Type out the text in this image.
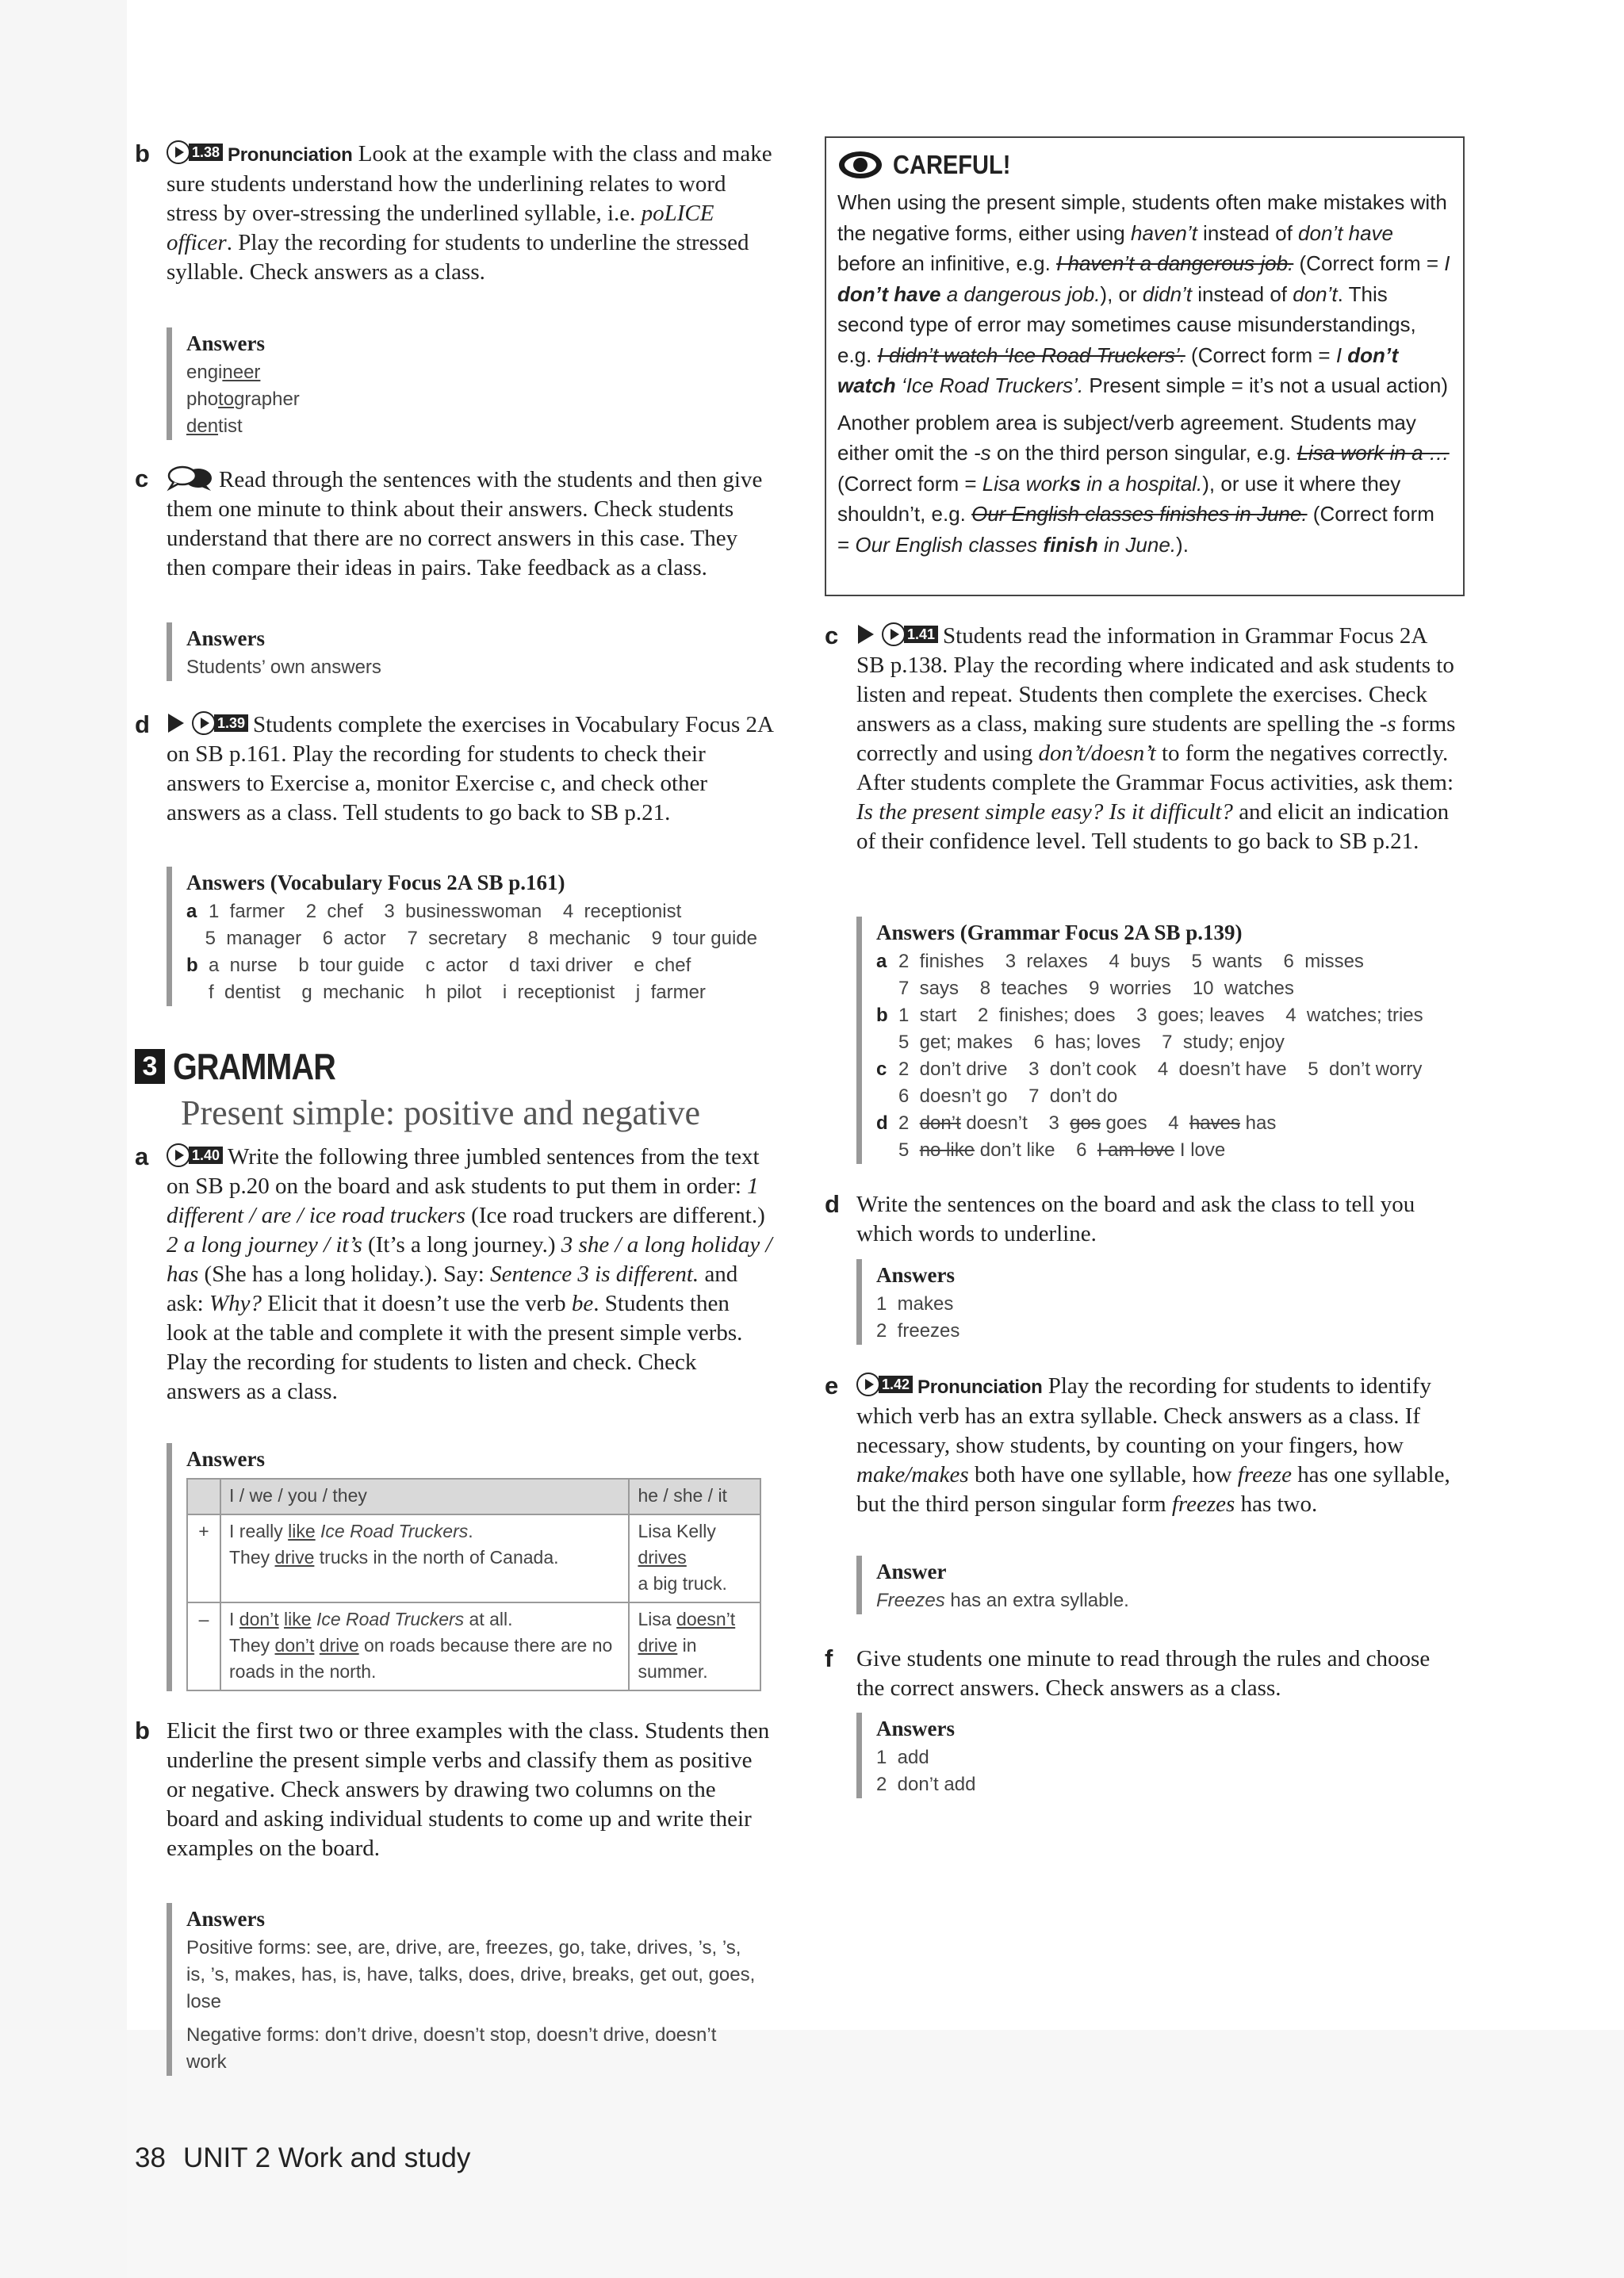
b	1.38 Pronunciation Look at the example with the class and make sure students understand how the underlining relates to word stress by over-stressing the underlined syllable, i.e. poLICE officer. Play the recording for students to underline the stressed syllable. Check answers as a class.
Answers
engineer
photographer
dentist
c	Read through the sentences with the students and then give them one minute to think about their answers. Check students understand that there are no correct answers in this case. They then compare their ideas in pairs. Take feedback as a class.
Answers
Students’ own answers
d	1.39 Students complete the exercises in Vocabulary Focus 2A on SB p.161. Play the recording for students to check their answers to Exercise a, monitor Exercise c, and check other answers as a class. Tell students to go back to SB p.21.
Answers (Vocabulary Focus 2A SB p.161)
a 1  farmer    2  chef    3  businesswoman    4  receptionist
5  manager    6  actor    7  secretary    8  mechanic    9  tour guide
b a  nurse    b  tour guide    c  actor    d  taxi driver    e  chef
f  dentist    g  mechanic    h  pilot    i  receptionist    j  farmer
3 GRAMMAR
Present simple: positive and negative
a	1.40 Write the following three jumbled sentences from the text on SB p.20 on the board and ask students to put them in order: 1 different / are / ice road truckers (Ice road truckers are different.) 2 a long journey / it’s (It’s a long journey.) 3 she / a long holiday / has (She has a long holiday.). Say: Sentence 3 is different. and ask: Why? Elicit that it doesn’t use the verb be. Students then look at the table and complete it with the present simple verbs. Play the recording for students to listen and check. Check answers as a class.
Answers
	I / we / you / they	he / she / it
+	I really like Ice Road Truckers.
They drive trucks in the north of Canada.	Lisa Kelly drives
a big truck.
–	I don’t like Ice Road Truckers at all.
They don’t drive on roads because there are no roads in the north.	Lisa doesn’t
drive in summer.
b Elicit the first two or three examples with the class. Students then underline the present simple verbs and classify them as positive or negative. Check answers by drawing two columns on the board and asking individual students to come up and write their examples on the board.
Answers
Positive forms: see, are, drive, are, freezes, go, take, drives, ’s, ’s, is, ’s, makes, has, is, have, talks, does, drive, breaks, get out, goes, lose
Negative forms: don’t drive, doesn’t stop, doesn’t drive, doesn’t work
CAREFUL!

When using the present simple, students often make mistakes with the negative forms, either using haven’t instead of don’t have before an infinitive, e.g. I haven’t a dangerous job. (Correct form = I don’t have a dangerous job.), or didn’t instead of don’t. This second type of error may sometimes cause misunderstandings, e.g. I didn’t watch ‘Ice Road Truckers’. (Correct form = I don’t watch ‘Ice Road Truckers’. Present simple = it’s not a usual action)

Another problem area is subject/verb agreement. Students may either omit the -s on the third person singular, e.g. Lisa work in a … (Correct form = Lisa works in a hospital.), or use it where they shouldn’t, e.g. Our English classes finishes in June. (Correct form = Our English classes finish in June.).

c	1.41 Students read the information in Grammar Focus 2A SB p.138. Play the recording where indicated and ask students to listen and repeat. Students then complete the exercises. Check answers as a class, making sure students are spelling the -s forms correctly and using don’t/doesn’t to form the negatives correctly. After students complete the Grammar Focus activities, ask them: Is the present simple easy? Is it difficult? and elicit an indication of their confidence level. Tell students to go back to SB p.21.
Answers (Grammar Focus 2A SB p.139)
a 2  finishes    3  relaxes    4  buys    5  wants    6  misses
7  says    8  teaches    9  worries    10  watches
b 1  start    2  finishes; does    3  goes; leaves    4  watches; tries
5  get; makes    6  has; loves    7  study; enjoy
c 2  don’t drive    3  don’t cook    4  doesn’t have    5  don’t worry
6  doesn’t go    7  don’t do
d 2  don’t doesn’t    3  gos goes    4  haves has
5  no like don’t like    6  I am love I love
d Write the sentences on the board and ask the class to tell you which words to underline.
Answers
1  makes
2  freezes
e	1.42 Pronunciation Play the recording for students to identify which verb has an extra syllable. Check answers as a class. If necessary, show students, by counting on your fingers, how make/makes both have one syllable, how freeze has one syllable, but the third person singular form freezes has two.
Answer
Freezes has an extra syllable.
f Give students one minute to read through the rules and choose the correct answers. Check answers as a class.
Answers
1  add
2  don’t add
38 UNIT 2 Work and study
